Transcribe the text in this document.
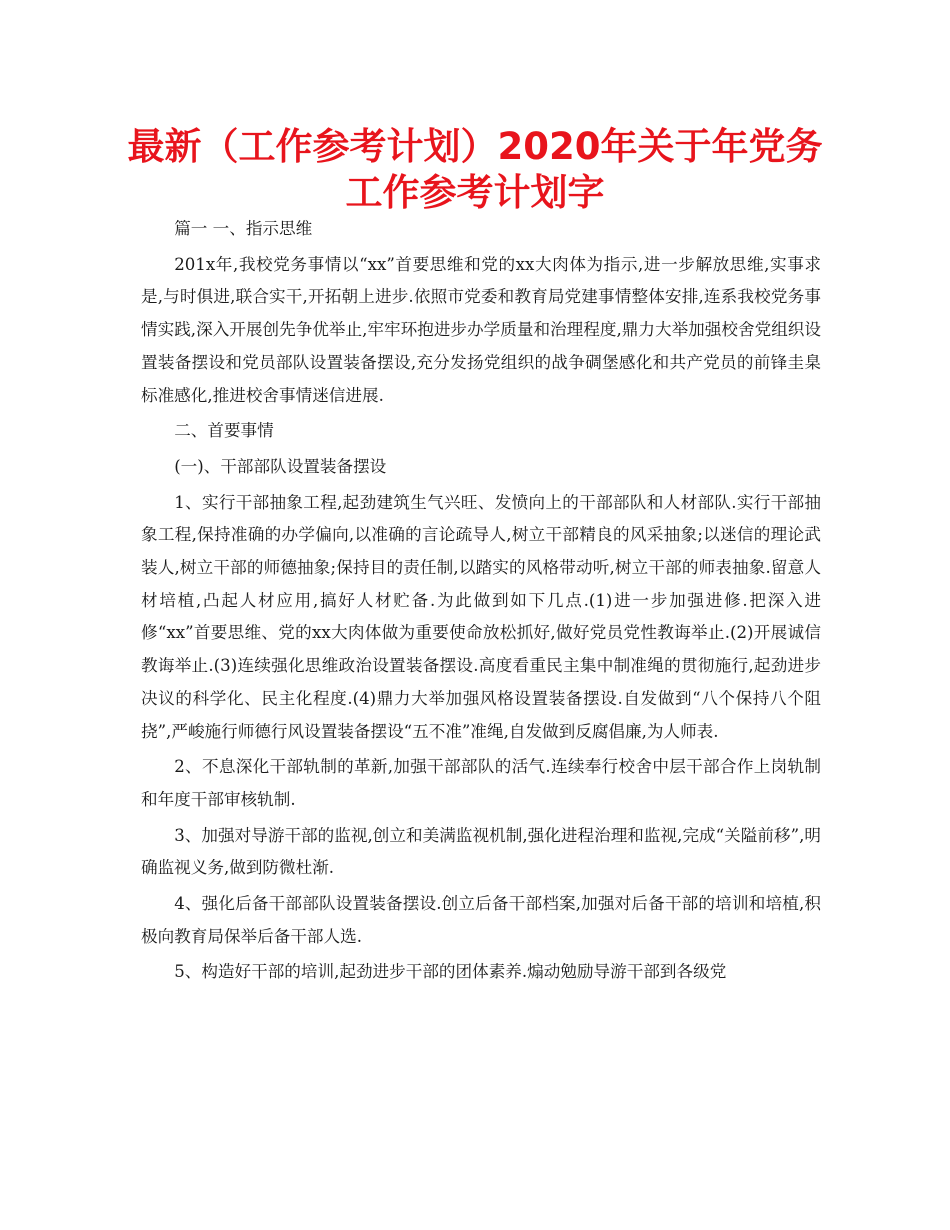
最新（工作参考计划）2020年关于年党务
工作参考计划字

篇一 一、指示思维

201x年,我校党务事情以“xx”首要思维和党的xx大肉体为指示,进一步解放思维,实事求是,与时俱进,联合实干,开拓朝上进步.依照市党委和教育局党建事情整体安排,连系我校党务事情实践,深入开展创先争优举止,牢牢环抱进步办学质量和治理程度,鼎力大举加强校舍党组织设置装备摆设和党员部队设置装备摆设,充分发扬党组织的战争碉堡感化和共产党员的前锋圭臬标准感化,推进校舍事情迷信进展.

二、首要事情

(一)、干部部队设置装备摆设

1、实行干部抽象工程,起劲建筑生气兴旺、发愤向上的干部部队和人材部队.实行干部抽象工程,保持准确的办学偏向,以准确的言论疏导人,树立干部精良的风采抽象;以迷信的理论武装人,树立干部的师德抽象;保持目的责任制,以踏实的风格带动听,树立干部的师表抽象.留意人材培植,凸起人材应用,搞好人材贮备.为此做到如下几点.(1)进一步加强进修.把深入进修“xx”首要思维、党的xx大肉体做为重要使命放松抓好,做好党员党性教诲举止.(2)开展诚信教诲举止.(3)连续强化思维政治设置装备摆设.高度看重民主集中制准绳的贯彻施行,起劲进步决议的科学化、民主化程度.(4)鼎力大举加强风格设置装备摆设.自发做到“八个保持八个阻挠”,严峻施行师德行风设置装备摆设“五不准”准绳,自发做到反腐倡廉,为人师表.

2、不息深化干部轨制的革新,加强干部部队的活气.连续奉行校舍中层干部合作上岗轨制和年度干部审核轨制.

3、加强对导游干部的监视,创立和美满监视机制,强化进程治理和监视,完成“关隘前移”,明确监视义务,做到防微杜渐.

4、强化后备干部部队设置装备摆设.创立后备干部档案,加强对后备干部的培训和培植,积极向教育局保举后备干部人选.

5、构造好干部的培训,起劲进步干部的团体素养.煽动勉励导游干部到各级党
